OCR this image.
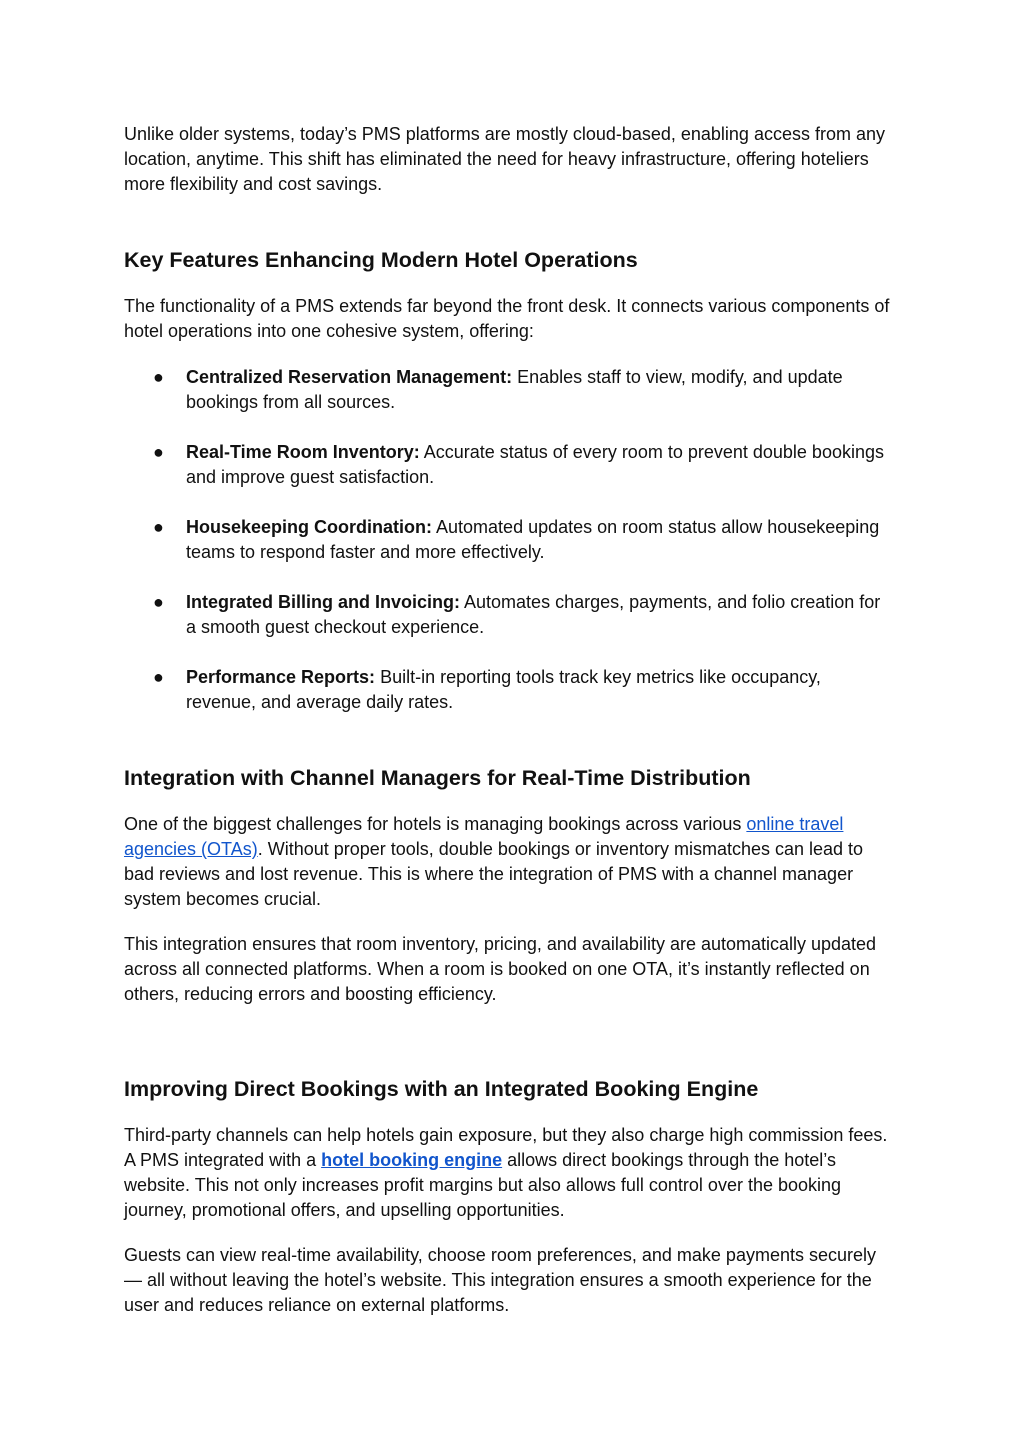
Unlike older systems, today’s PMS platforms are mostly cloud-based, enabling access from any location, anytime. This shift has eliminated the need for heavy infrastructure, offering hoteliers more flexibility and cost savings.

Key Features Enhancing Modern Hotel Operations

The functionality of a PMS extends far beyond the front desk. It connects various components of hotel operations into one cohesive system, offering:

● Centralized Reservation Management: Enables staff to view, modify, and update bookings from all sources.
● Real-Time Room Inventory: Accurate status of every room to prevent double bookings and improve guest satisfaction.
● Housekeeping Coordination: Automated updates on room status allow housekeeping teams to respond faster and more effectively.
● Integrated Billing and Invoicing: Automates charges, payments, and folio creation for a smooth guest checkout experience.
● Performance Reports: Built-in reporting tools track key metrics like occupancy, revenue, and average daily rates.
Integration with Channel Managers for Real-Time Distribution

One of the biggest challenges for hotels is managing bookings across various online travel agencies (OTAs). Without proper tools, double bookings or inventory mismatches can lead to bad reviews and lost revenue. This is where the integration of PMS with a channel manager system becomes crucial.

This integration ensures that room inventory, pricing, and availability are automatically updated across all connected platforms. When a room is booked on one OTA, it’s instantly reflected on others, reducing errors and boosting efficiency.

Improving Direct Bookings with an Integrated Booking Engine

Third-party channels can help hotels gain exposure, but they also charge high commission fees. A PMS integrated with a hotel booking engine allows direct bookings through the hotel’s website. This not only increases profit margins but also allows full control over the booking journey, promotional offers, and upselling opportunities.

Guests can view real-time availability, choose room preferences, and make payments securely — all without leaving the hotel’s website. This integration ensures a smooth experience for the user and reduces reliance on external platforms.
